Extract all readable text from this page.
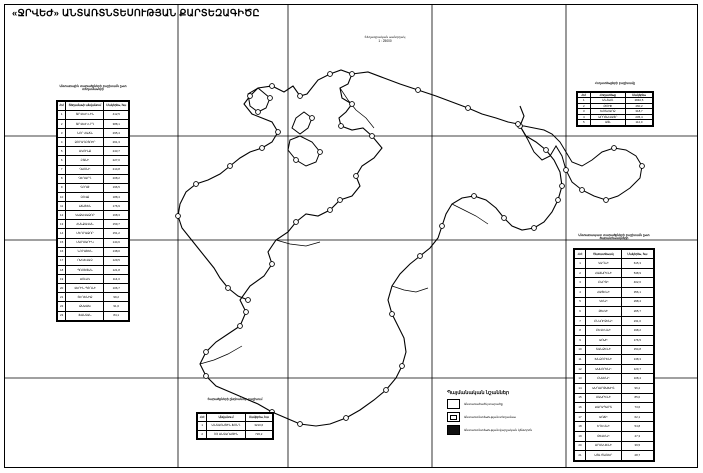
«ՋՐՎԵԺ» ԱՆՏԱՌՏՆՏԵՍՈՒԹՅԱՆ ՔԱՐՏԵԶԱԳԻԾԸ
Տեղագրական սանդղակ
1 : 25000
Անտառային տարածքների բաշխումն ըստ տեղամասերի
Հ/Հ	Տեղամասի անվանում	Մակերես, հա
1	ՋՐՎԵԺ 1-ԻՆ	412,5
2	ՋՐՎԵԺ 2-ՐԴ	388,1
3	ՆՈՐ ՀԱՃՆ	295,4
4	ՁՈՐԱՂԲՅՈՒՐ	261,3
5	ԱԿՈՒՆՔ	243,7
6	ԲՋՆԻ	227,0
7	ԳԱՌՆԻ	214,8
8	ԳԵՂԱՐԴ	208,2
9	ԳՈՂԹ	196,5
10	ԶՈՎՔ	188,4
11	ԼՃԱՇԵՆ	176,9
12	ԿԱՔԱՎԱՁՈՐ	168,3
13	ՀԱՆՔԱՎԱՆ	159,7
14	ՄԵՂՐԱՁՈՐ	151,2
15	ՄԱՐՄԱՐԻԿ	144,6
16	ՆՈՐԱՇԵՆ	138,0
17	ՈՍԿԵՎԱԶ	129,5
18	ՊՌՈՇՅԱՆ	121,8
19	ՍՈԼԱԿ	114,3
20	ՎԵՐԻՆ ՊՏՂՆԻ	106,7
21	ՏԵՂԵՆԻՔ	99,2
22	ՔԱՍԱԽ	91,6
23	ՖԱՆՏԱՆ	84,1
Հողատեսքերի բաշխումը
Հ/Հ	Հողատեսք	Մակերես
1	ԱՆՏԱՌ	2840,5
2	ԹՈՒՓ	460,2
3	ԽՈՏՀԱՐՔ	318,7
4	ԱՐՈՏԱՎԱՅՐ	205,4
5	ԱՅԼ	112,0
Անտառապատ տարածքների բաշխումն ըստ ծառատեսակների
Հ/Հ	Ծառատեսակ	Մակերես, հա
1	ԿԱՂՆԻ	615,3
2	ՀԱՃԱՐԵՆԻ	548,9
3	ԲԱՐՏԻ	402,6
4	ՀԱՑԵՆԻ	356,1
5	ԿԵՆԻ	298,4
6	ԹԽԿԻ	265,7
7	ԸՆԿՈՒԶԵՆԻ	231,0
8	ԲԵՎԵԿՆԻ	198,2
9	ՍՈՍԻ	176,5
10	ՏԱՆՁԵՆԻ	154,8
11	ԽՆՁՈՐԵՆԻ	138,3
12	ՍԱԼՈՐԵՆԻ	120,7
13	ԲԱԼԵՆԻ	108,4
14	ՍԱՂԱՐԹԱԽԻՏ	96,2
15	ՄԱՍՐԵՆԻ	85,0
16	ՍԱՐԱՊԱՐՏ	73,6
17	ՍՈՃԻ	62,1
18	ԵՂԵՎՆԻ	54,8
19	ԹԵԼԵՆԻ	47,3
20	ԱՐՄԱՎԵՆԻ	39,5
21	ԱՅԼ ԾԱՌԵՐ	28,7
Տարածքների ընդհանուր բաշխում
Հ/Հ	Անվանում	Մակերես, հա
1	ԱՆՏԱՌԱՅԻՆ ՖՈՆԴ	3210,6
2	ՈՉ ԱՆՏԱՌԱՅԻՆ	726,2
Պայմանական նշաններ
Անտառածածկ տարածք
Անտառտնտեսության տեղամաս
Անտառտնտեսության վարչական կենտրոն
